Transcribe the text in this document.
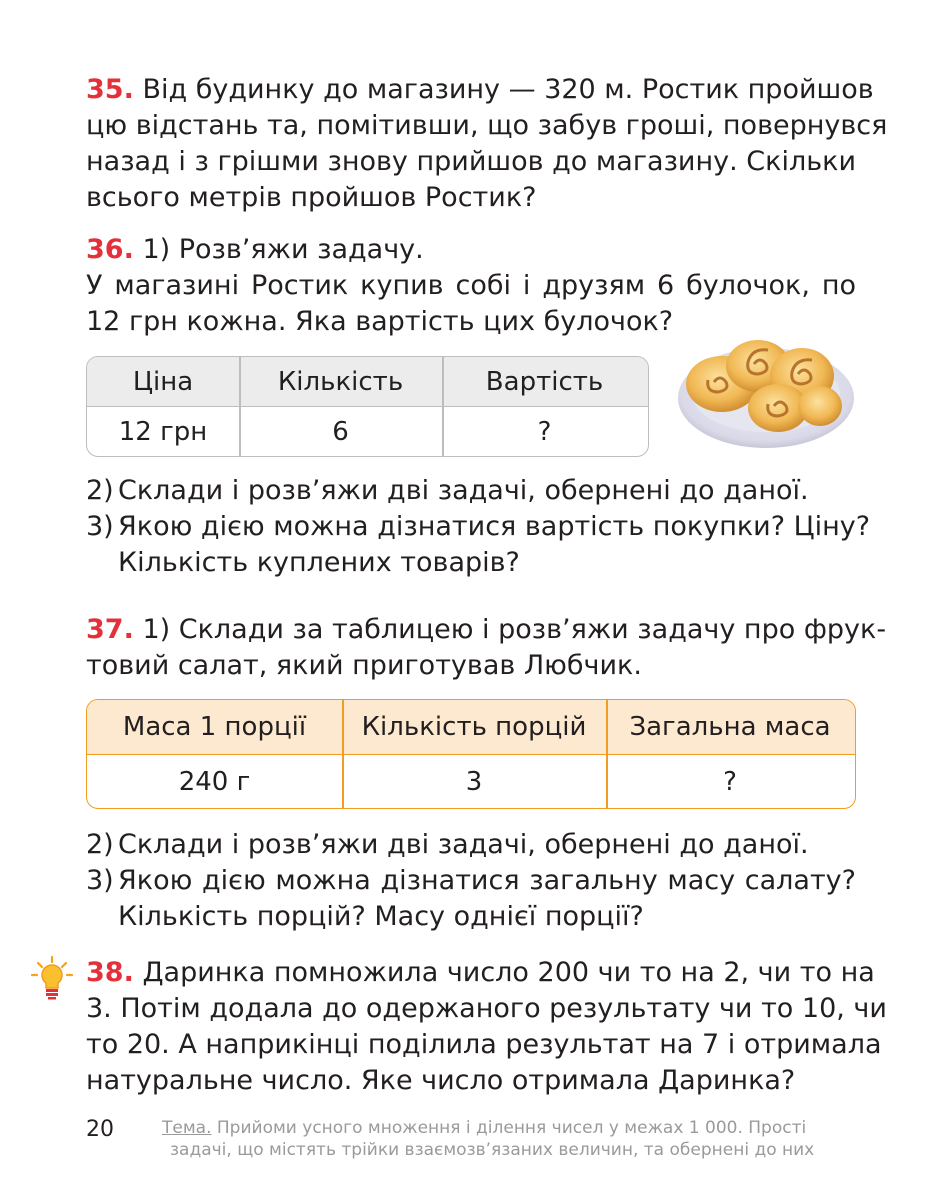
35. Від будинку до магазину — 320 м. Ростик пройшов
цю відстань та, помітивши, що забув гроші, повернувся
назад і з грішми знову прийшов до магазину. Скільки
всього метрів пройшов Ростик?
36. 1) Розв’яжи задачу.
У магазині Ростик купив собі і друзям 6 булочок, по
12 грн кожна. Яка вартість цих булочок?
Ціна	Кількість	Вартість
12 грн	6	?
2) Склади і розв’яжи дві задачі, обернені до даної.
3) Якою дією можна дізнатися вартість покупки? Ціну?
Кількість куплених товарів?
37. 1) Склади за таблицею і розв’яжи задачу про фрук-
товий салат, який приготував Любчик.
Маса 1 порції	Кількість порцій	Загальна маса
240 г	3	?
2) Склади і розв’яжи дві задачі, обернені до даної.
3) Якою дією можна дізнатися загальну масу салату?
Кількість порцій? Масу однієї порції?
38. Даринка помножила число 200 чи то на 2, чи то на
3. Потім додала до одержаного результату чи то 10, чи
то 20. А наприкінці поділила результат на 7 і отримала
натуральне число. Яке число отримала Даринка?
20	Тема. Прийоми усного множення і ділення чисел у межах 1 000. Прості
задачі, що містять трійки взаємозв’язаних величин, та обернені до них
